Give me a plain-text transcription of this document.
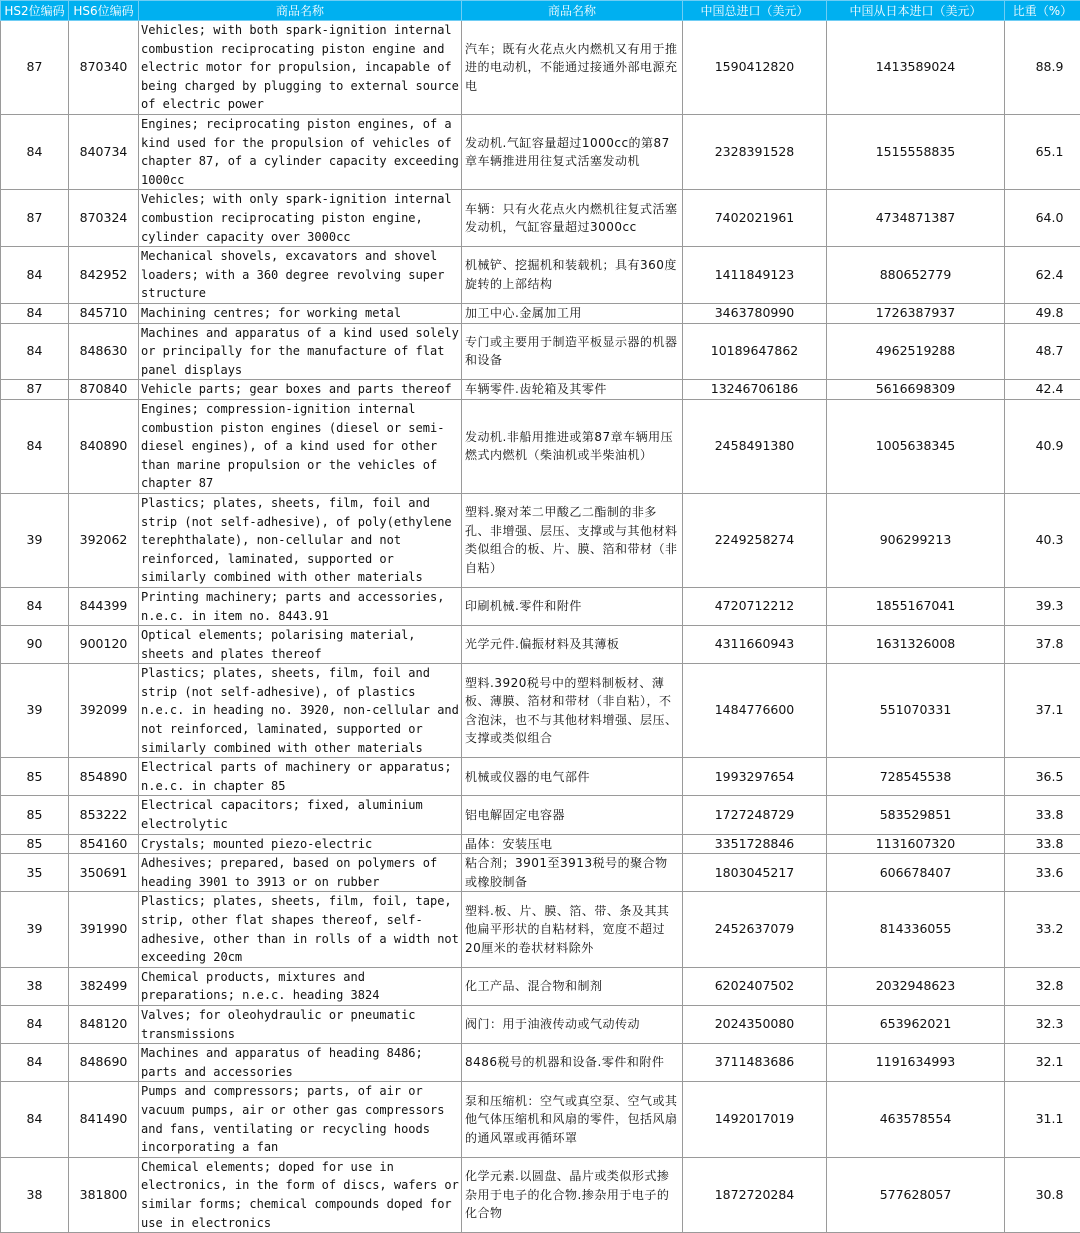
HS2位编码	HS6位编码	商品名称	商品名称	中国总进口（美元）	中国从日本进口（美元）	比重（%）
87	870340	Vehicles; with both spark-ignition internal combustion reciprocating piston engine and electric motor for propulsion, incapable of being charged by plugging to external source of electric power	汽车；既有火花点火内燃机又有用于推进的电动机，不能通过接通外部电源充电	1590412820	1413589024	88.9
84	840734	Engines; reciprocating piston engines, of a kind used for the propulsion of vehicles of chapter 87, of a cylinder capacity exceeding 1000cc	发动机.气缸容量超过1000cc的第87章车辆推进用往复式活塞发动机	2328391528	1515558835	65.1
87	870324	Vehicles; with only spark-ignition internal combustion reciprocating piston engine, cylinder capacity over 3000cc	车辆：只有火花点火内燃机往复式活塞发动机，气缸容量超过3000cc	7402021961	4734871387	64.0
84	842952	Mechanical shovels, excavators and shovel loaders; with a 360 degree revolving super structure	机械铲、挖掘机和装载机；具有360度旋转的上部结构	1411849123	880652779	62.4
84	845710	Machining centres; for working metal	加工中心.金属加工用	3463780990	1726387937	49.8
84	848630	Machines and apparatus of a kind used solely or principally for the manufacture of flat panel displays	专门或主要用于制造平板显示器的机器和设备	10189647862	4962519288	48.7
87	870840	Vehicle parts; gear boxes and parts thereof	车辆零件.齿轮箱及其零件	13246706186	5616698309	42.4
84	840890	Engines; compression-ignition internal combustion piston engines (diesel or semi-diesel engines), of a kind used for other than marine propulsion or the vehicles of chapter 87	发动机.非船用推进或第87章车辆用压燃式内燃机（柴油机或半柴油机）	2458491380	1005638345	40.9
39	392062	Plastics; plates, sheets, film, foil and strip (not self-adhesive), of poly(ethylene terephthalate), non-cellular and not reinforced, laminated, supported or similarly combined with other materials	塑料.聚对苯二甲酸乙二酯制的非多孔、非增强、层压、支撑或与其他材料类似组合的板、片、膜、箔和带材（非自粘）	2249258274	906299213	40.3
84	844399	Printing machinery; parts and accessories, n.e.c. in item no. 8443.91	印刷机械.零件和附件	4720712212	1855167041	39.3
90	900120	Optical elements; polarising material, sheets and plates thereof	光学元件.偏振材料及其薄板	4311660943	1631326008	37.8
39	392099	Plastics; plates, sheets, film, foil and strip (not self-adhesive), of plastics n.e.c. in heading no. 3920, non-cellular and not reinforced, laminated, supported or similarly combined with other materials	塑料.3920税号中的塑料制板材、薄板、薄膜、箔材和带材（非自粘），不含泡沫，也不与其他材料增强、层压、支撑或类似组合	1484776600	551070331	37.1
85	854890	Electrical parts of machinery or apparatus; n.e.c. in chapter 85	机械或仪器的电气部件	1993297654	728545538	36.5
85	853222	Electrical capacitors; fixed, aluminium electrolytic	铝电解固定电容器	1727248729	583529851	33.8
85	854160	Crystals; mounted piezo-electric	晶体：安装压电	3351728846	1131607320	33.8
35	350691	Adhesives; prepared, based on polymers of heading 3901 to 3913 or on rubber	粘合剂；3901至3913税号的聚合物或橡胶制备	1803045217	606678407	33.6
39	391990	Plastics; plates, sheets, film, foil, tape, strip, other flat shapes thereof, self-adhesive, other than in rolls of a width not exceeding 20cm	塑料.板、片、膜、箔、带、条及其其他扁平形状的自粘材料，宽度不超过20厘米的卷状材料除外	2452637079	814336055	33.2
38	382499	Chemical products, mixtures and preparations; n.e.c. heading 3824	化工产品、混合物和制剂	6202407502	2032948623	32.8
84	848120	Valves; for oleohydraulic or pneumatic transmissions	阀门：用于油液传动或气动传动	2024350080	653962021	32.3
84	848690	Machines and apparatus of heading 8486; parts and accessories	8486税号的机器和设备.零件和附件	3711483686	1191634993	32.1
84	841490	Pumps and compressors; parts, of air or vacuum pumps, air or other gas compressors and fans, ventilating or recycling hoods incorporating a fan	泵和压缩机：空气或真空泵、空气或其他气体压缩机和风扇的零件，包括风扇的通风罩或再循环罩	1492017019	463578554	31.1
38	381800	Chemical elements; doped for use in electronics, in the form of discs, wafers or similar forms; chemical compounds doped for use in electronics	化学元素.以圆盘、晶片或类似形式掺杂用于电子的化合物.掺杂用于电子的化合物	1872720284	577628057	30.8
